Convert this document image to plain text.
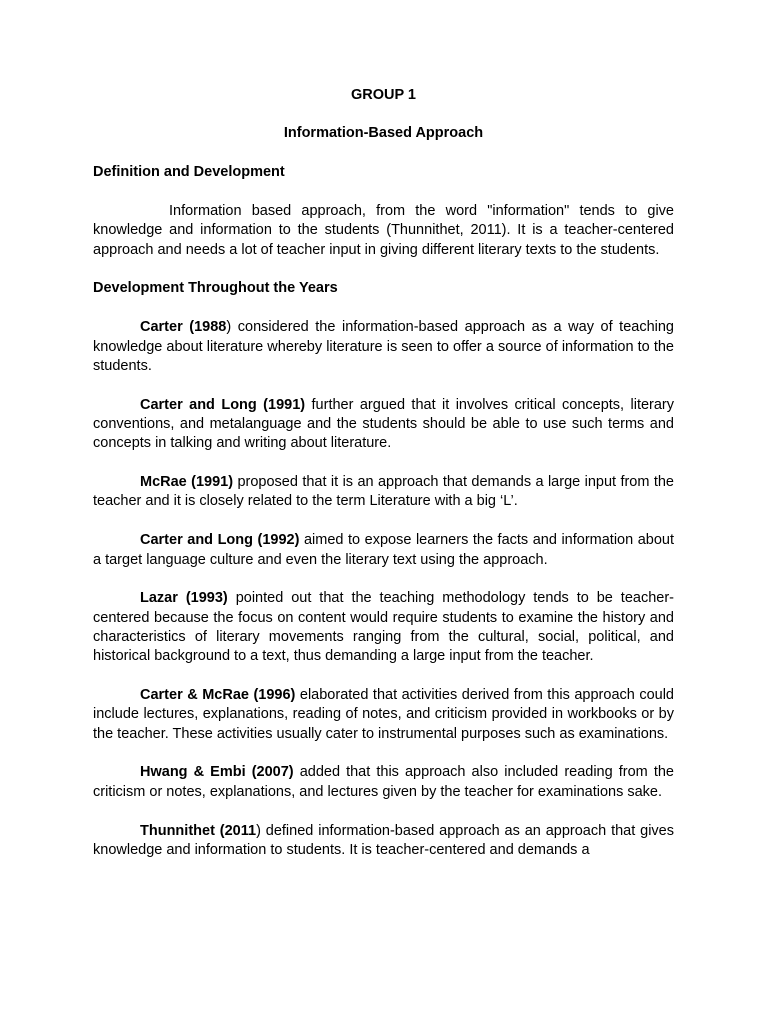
GROUP 1
Information-Based Approach
Definition and Development

Information based approach, from the word "information" tends to give knowledge and information to the students (Thunnithet, 2011). It is a teacher-centered approach and needs a lot of teacher input in giving different literary texts to the students.

Development Throughout the Years

Carter (1988) considered the information-based approach as a way of teaching knowledge about literature whereby literature is seen to offer a source of information to the students.

Carter and Long (1991) further argued that it involves critical concepts, literary conventions, and metalanguage and the students should be able to use such terms and concepts in talking and writing about literature.

McRae (1991) proposed that it is an approach that demands a large input from the teacher and it is closely related to the term Literature with a big ‘L’.

Carter and Long (1992) aimed to expose learners the facts and information about a target language culture and even the literary text using the approach.

Lazar (1993) pointed out that the teaching methodology tends to be teacher-centered because the focus on content would require students to examine the history and characteristics of literary movements ranging from the cultural, social, political, and historical background to a text, thus demanding a large input from the teacher.

Carter & McRae (1996) elaborated that activities derived from this approach could include lectures, explanations, reading of notes, and criticism provided in workbooks or by the teacher. These activities usually cater to instrumental purposes such as examinations.

Hwang & Embi (2007) added that this approach also included reading from the criticism or notes, explanations, and lectures given by the teacher for examinations sake.

Thunnithet (2011) defined information-based approach as an approach that gives knowledge and information to students. It is teacher-centered and demands a
